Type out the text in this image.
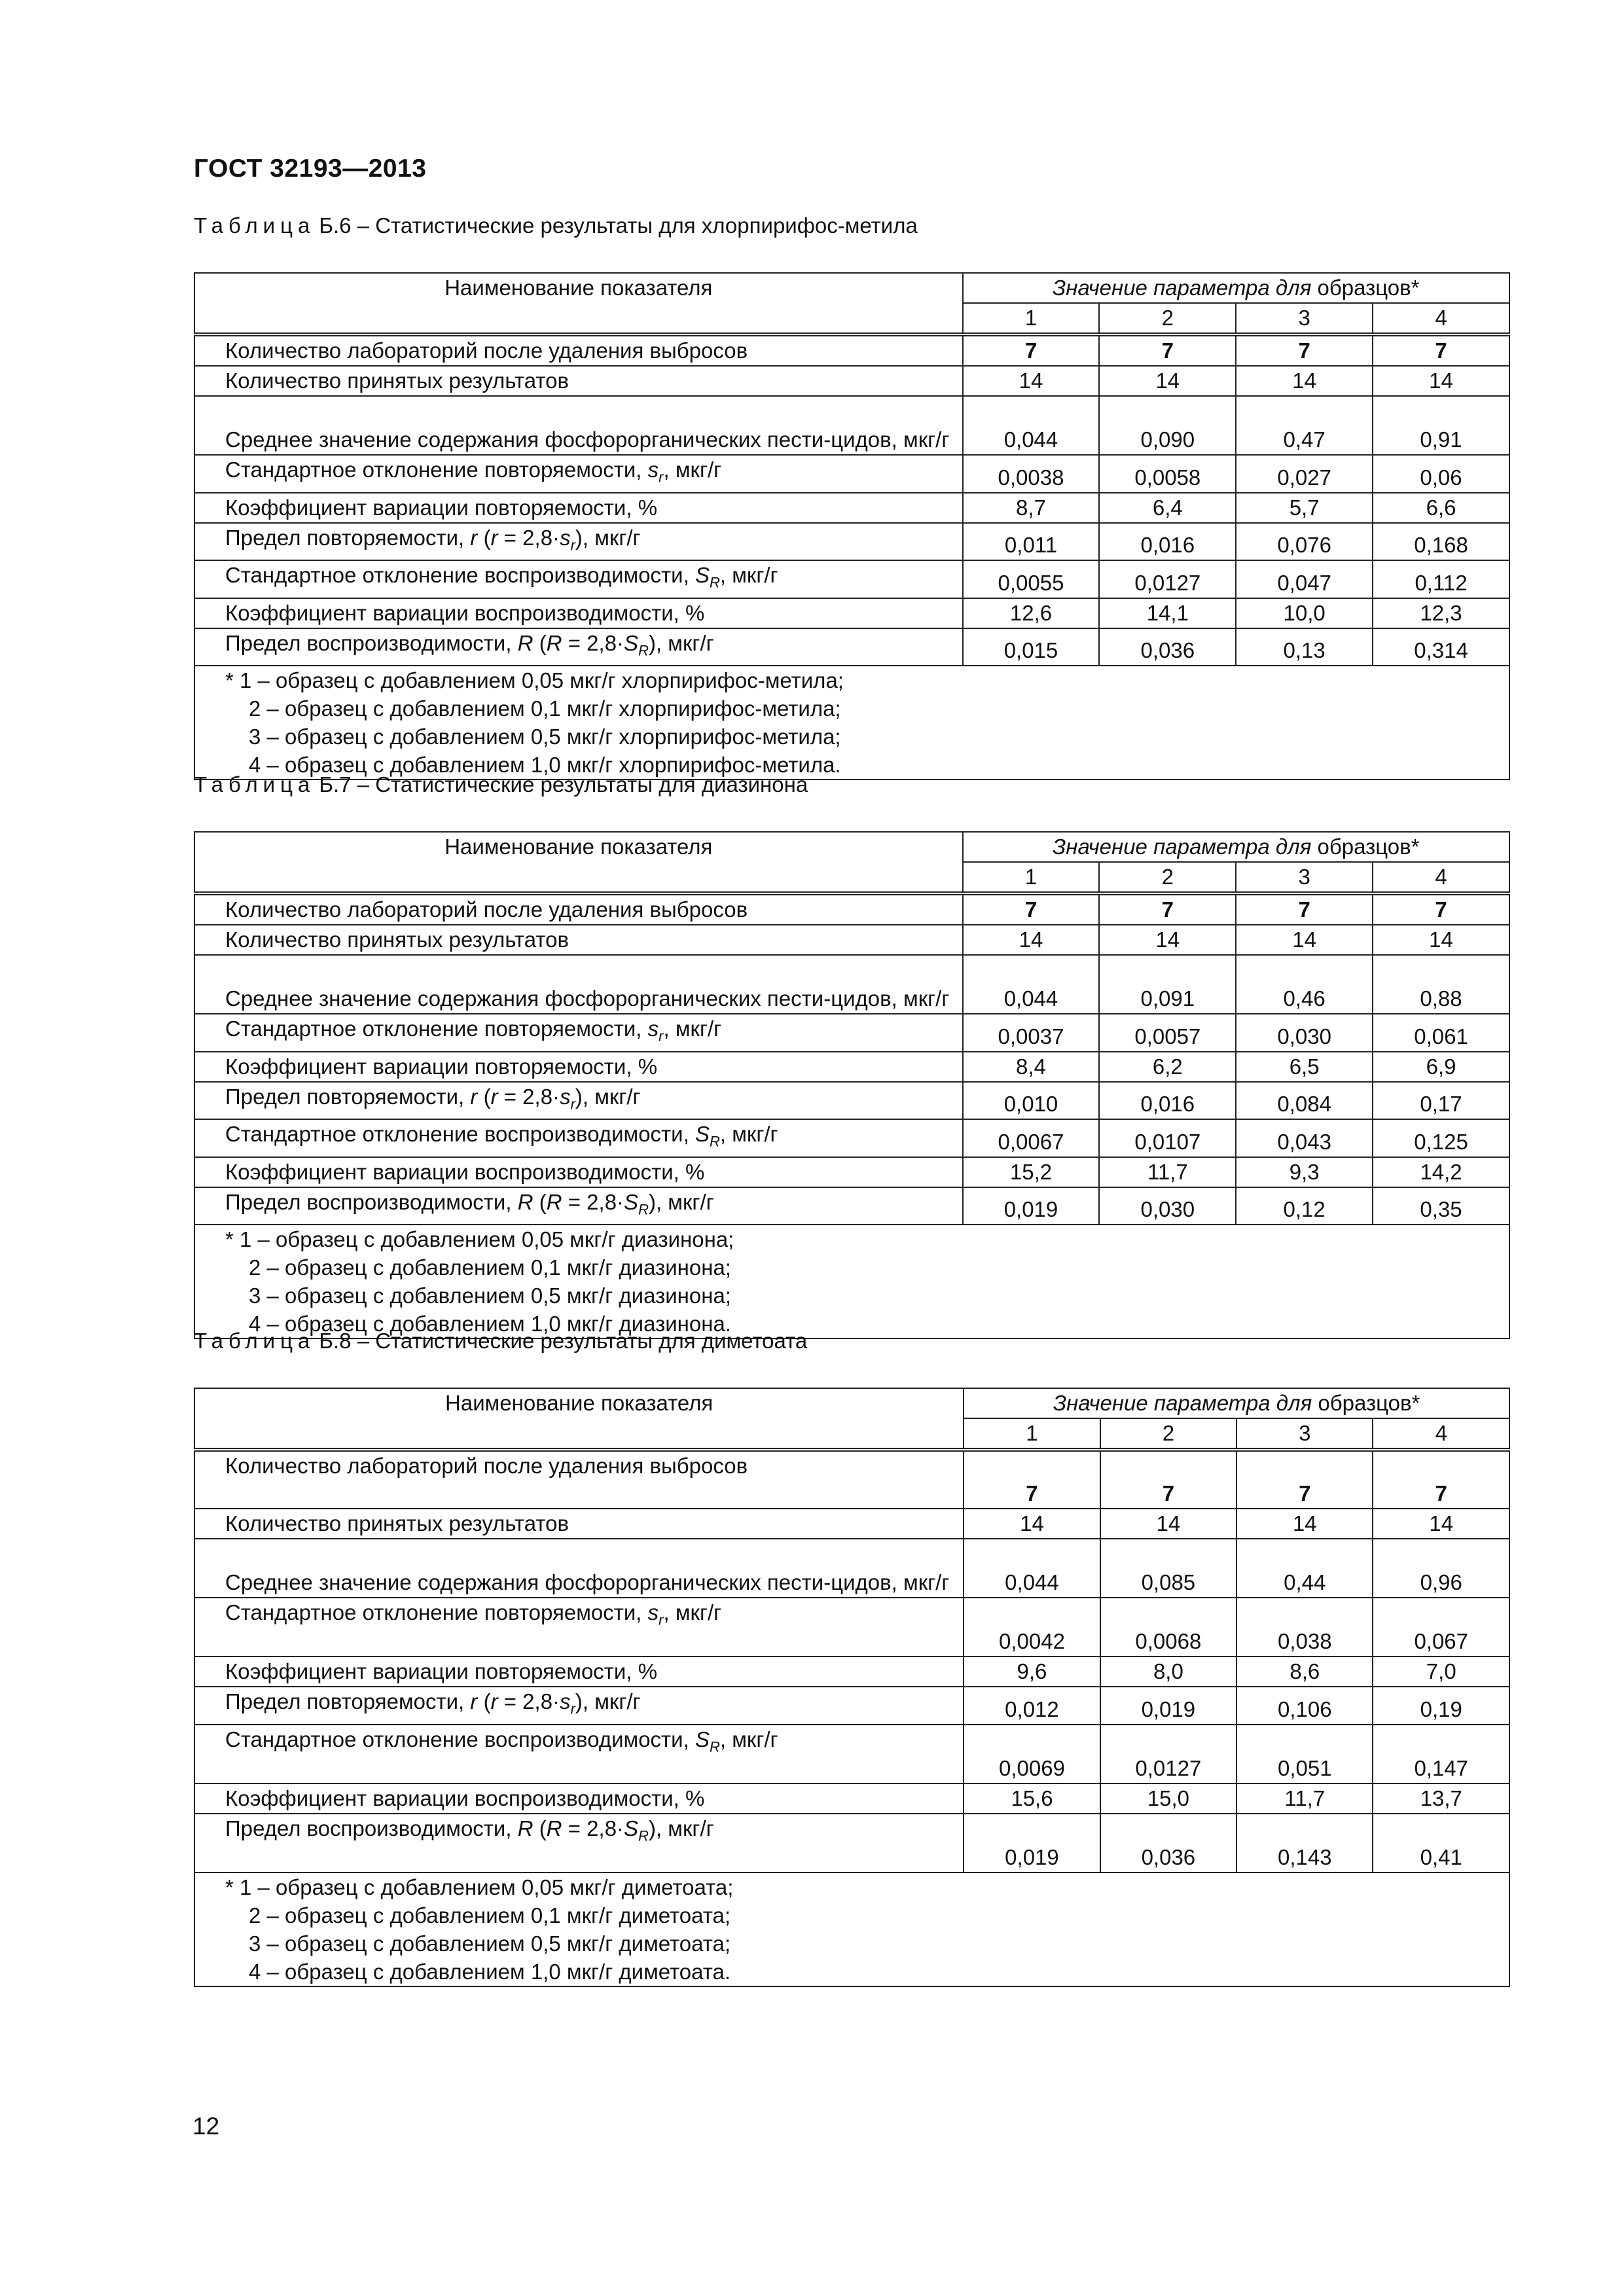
ГОСТ 32193—2013
Таблица Б.6 – Статистические результаты для хлорпирифос-метила
Наименование показателя	Значение параметра для образцов*			
	1	2	3	4
Количество лабораторий после удаления выбросов	7	7	7	7
Количество принятых результатов	14	14	14	14
Среднее значение содержания фосфорорганических пести-цидов, мкг/г	0,044	0,090	0,47	0,91
Стандартное отклонение повторяемости, $s_r$, мкг/г	0,0038	0,0058	0,027	0,06
Коэффициент вариации повторяемости, %	8,7	6,4	5,7	6,6
Предел повторяемости, r $(r = 2,8\cdot s_r)$, мкг/г	0,011	0,016	0,076	0,168
Стандартное отклонение воспроизводимости, $S_R$, мкг/г	0,0055	0,0127	0,047	0,112
Коэффициент вариации воспроизводимости, %	12,6	14,1	10,0	12,3
Предел воспроизводимости, R $(R = 2,8\cdot S_R)$, мкг/г	0,015	0,036	0,13	0,314

* 1 – образец с добавлением 0,05 мкг/г хлорпирифос-метила;
2 – образец с добавлением 0,1 мкг/г хлорпирифос-метила;
3 – образец с добавлением 0,5 мкг/г хлорпирифос-метила;
4 – образец с добавлением 1,0 мкг/г хлорпирифос-метила.				
Таблица Б.7 – Статистические результаты для диазинона
Наименование показателя	Значение параметра для образцов*			
	1	2	3	4
Количество лабораторий после удаления выбросов	7	7	7	7
Количество принятых результатов	14	14	14	14
Среднее значение содержания фосфорорганических пести-цидов, мкг/г	0,044	0,091	0,46	0,88
Стандартное отклонение повторяемости, $s_r$, мкг/г	0,0037	0,0057	0,030	0,061
Коэффициент вариации повторяемости, %	8,4	6,2	6,5	6,9
Предел повторяемости, r $(r = 2,8\cdot s_r)$, мкг/г	0,010	0,016	0,084	0,17
Стандартное отклонение воспроизводимости, $S_R$, мкг/г	0,0067	0,0107	0,043	0,125
Коэффициент вариации воспроизводимости, %	15,2	11,7	9,3	14,2
Предел воспроизводимости, R $(R = 2,8\cdot S_R)$, мкг/г	0,019	0,030	0,12	0,35

* 1 – образец с добавлением 0,05 мкг/г диазинона;
2 – образец с добавлением 0,1 мкг/г диазинона;
3 – образец с добавлением 0,5 мкг/г диазинона;
4 – образец с добавлением 1,0 мкг/г диазинона.				
Таблица Б.8 – Статистические результаты для диметоата
Наименование показателя	Значение параметра для образцов*			
	1	2	3	4
Количество лабораторий после удаления выбросов	7	7	7	7
Количество принятых результатов	14	14	14	14
Среднее значение содержания фосфорорганических пести-цидов, мкг/г	0,044	0,085	0,44	0,96
Стандартное отклонение повторяемости, $s_r$, мкг/г	0,0042	0,0068	0,038	0,067
Коэффициент вариации повторяемости, %	9,6	8,0	8,6	7,0
Предел повторяемости, r $(r = 2,8\cdot s_r)$, мкг/г	0,012	0,019	0,106	0,19
Стандартное отклонение воспроизводимости, $S_R$, мкг/г	0,0069	0,0127	0,051	0,147
Коэффициент вариации воспроизводимости, %	15,6	15,0	11,7	13,7
Предел воспроизводимости, R $(R = 2,8\cdot S_R)$, мкг/г	0,019	0,036	0,143	0,41

* 1 – образец с добавлением 0,05 мкг/г диметоата;
2 – образец с добавлением 0,1 мкг/г диметоата;
3 – образец с добавлением 0,5 мкг/г диметоата;
4 – образец с добавлением 1,0 мкг/г диметоата.				
12
